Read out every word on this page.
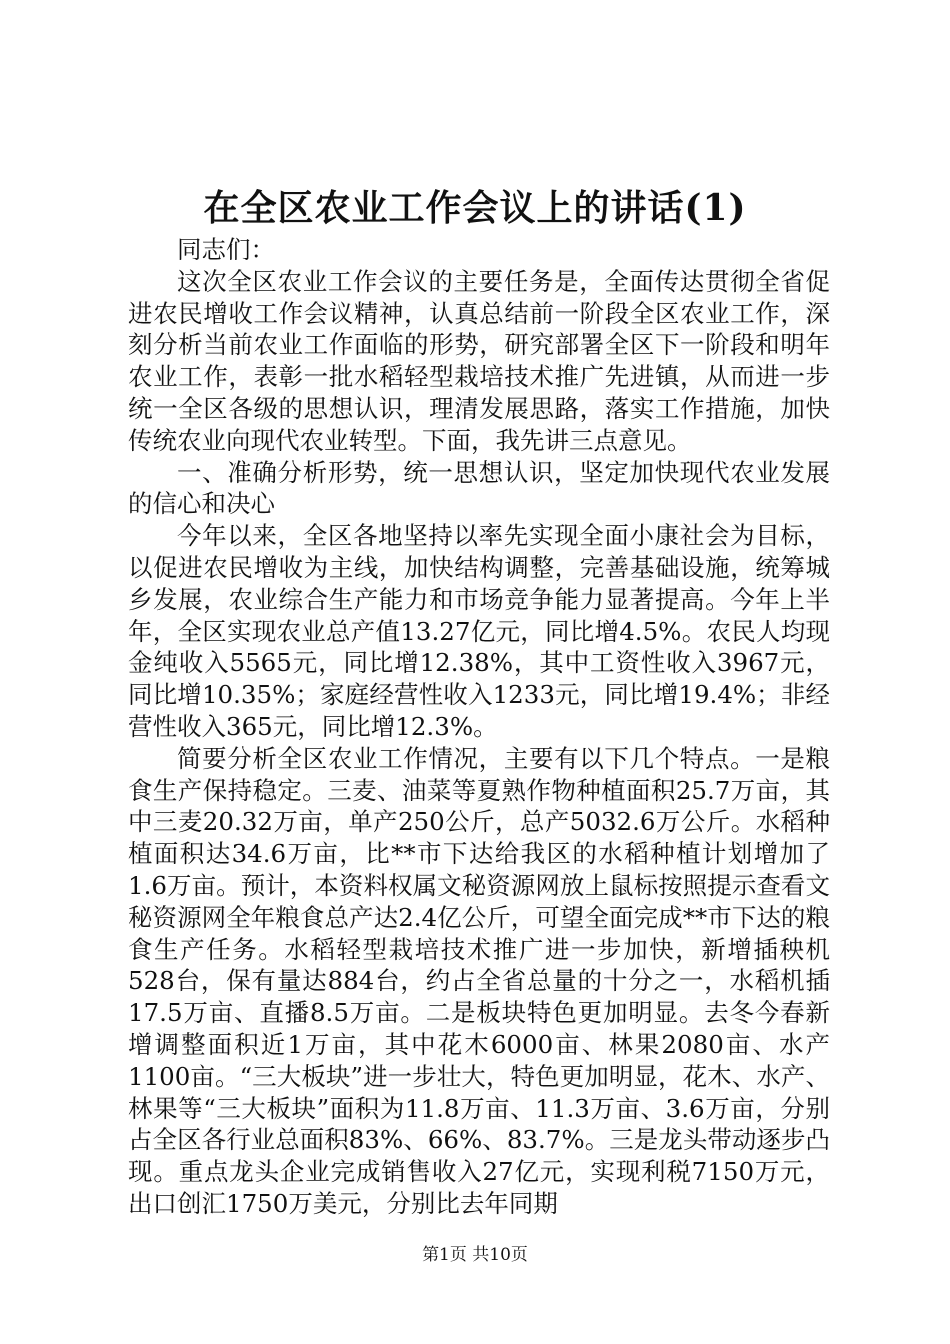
在全区农业工作会议上的讲话(1)

同志们：

这次全区农业工作会议的主要任务是，全面传达贯彻全省促进农民增收工作会议精神，认真总结前一阶段全区农业工作，深刻分析当前农业工作面临的形势，研究部署全区下一阶段和明年农业工作，表彰一批水稻轻型栽培技术推广先进镇，从而进一步统一全区各级的思想认识，理清发展思路，落实工作措施，加快传统农业向现代农业转型。下面，我先讲三点意见。

一、准确分析形势，统一思想认识，坚定加快现代农业发展的信心和决心

今年以来，全区各地坚持以率先实现全面小康社会为目标，以促进农民增收为主线，加快结构调整，完善基础设施，统筹城乡发展，农业综合生产能力和市场竞争能力显著提高。今年上半年，全区实现农业总产值13.27亿元，同比增4.5%。农民人均现金纯收入5565元，同比增12.38%，其中工资性收入3967元，同比增10.35%；家庭经营性收入1233元，同比增19.4%；非经营性收入365元，同比增12.3%。

简要分析全区农业工作情况，主要有以下几个特点。一是粮食生产保持稳定。三麦、油菜等夏熟作物种植面积25.7万亩，其中三麦20.32万亩，单产250公斤，总产5032.6万公斤。水稻种植面积达34.6万亩，比**市下达给我区的水稻种植计划增加了1.6万亩。预计，本资料权属文秘资源网放上鼠标按照提示查看文秘资源网全年粮食总产达2.4亿公斤，可望全面完成**市下达的粮食生产任务。水稻轻型栽培技术推广进一步加快，新增插秧机528台，保有量达884台，约占全省总量的十分之一，水稻机插17.5万亩、直播8.5万亩。二是板块特色更加明显。去冬今春新增调整面积近1万亩，其中花木6000亩、林果2080亩、水产1100亩。“三大板块”进一步壮大，特色更加明显，花木、水产、林果等“三大板块”面积为11.8万亩、11.3万亩、3.6万亩，分别占全区各行业总面积83%、66%、83.7%。三是龙头带动逐步凸现。重点龙头企业完成销售收入27亿元，实现利税7150万元，出口创汇1750万美元，分别比去年同期

第1页 共10页
